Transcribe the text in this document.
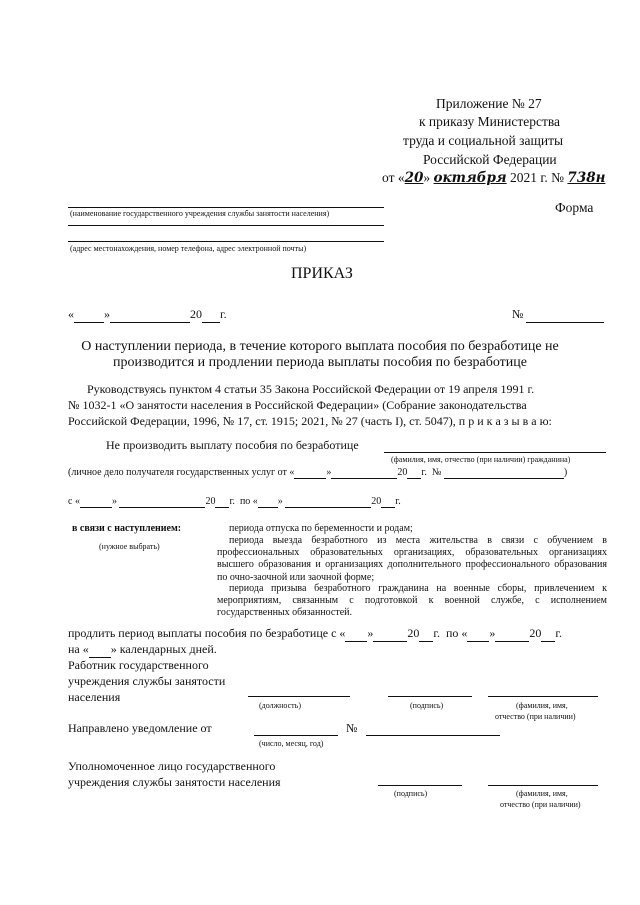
Приложение № 27
к приказу Министерства
труда и социальной защиты
Российской Федерации
от «20» октября 2021 г. № 738н
Форма
(наименование государственного учреждения службы занятости населения)
(адрес местонахождения, номер телефона, адрес электронной почты)
ПРИКАЗ
«	»	20 г.	№
О наступлении периода, в течение которого выплата пособия по безработице не
производится и продлении периода выплаты пособия по безработице
Руководствуясь пунктом 4 статьи 35 Закона Российской Федерации от 19 апреля 1991 г.
№ 1032-1 «О занятости населения в Российской Федерации» (Собрание законодательства
Российской Федерации, 1996, № 17, ст. 1915; 2021, № 27 (часть I), ст. 5047), п р и к а з ы в а ю:
Не производить выплату пособия по безработице
(фамилия, имя, отчество (при наличии) гражданина)
(личное дело получателя государственных услуг от «	»	20 г. №	)
с «	»	20 г. по « »	20 г.
в связи с наступлением:
(нужное выбрать)
периода отпуска по беременности и родам;
периода выезда безработного из места жительства в связи с обучением в профессиональных образовательных организациях, образовательных организациях высшего образования и организациях дополнительного профессионального образования по очно-заочной или заочной форме;
периода призыва безработного гражданина на военные сборы, привлечением к мероприятиям, связанным с подготовкой к военной службе, с исполнением государственных обязанностей.
продлить период выплаты пособия по безработице с « »	20 г. по « »	20 г.
на « » календарных дней.
Работник государственного
учреждения службы занятости
населения
(должность)	(подпись)	(фамилия, имя,
отчество (при наличии)
Направлено уведомление от	№
(число, месяц, год)
Уполномоченное лицо государственного
учреждения службы занятости населения
(подпись)	(фамилия, имя,
отчество (при наличии)
